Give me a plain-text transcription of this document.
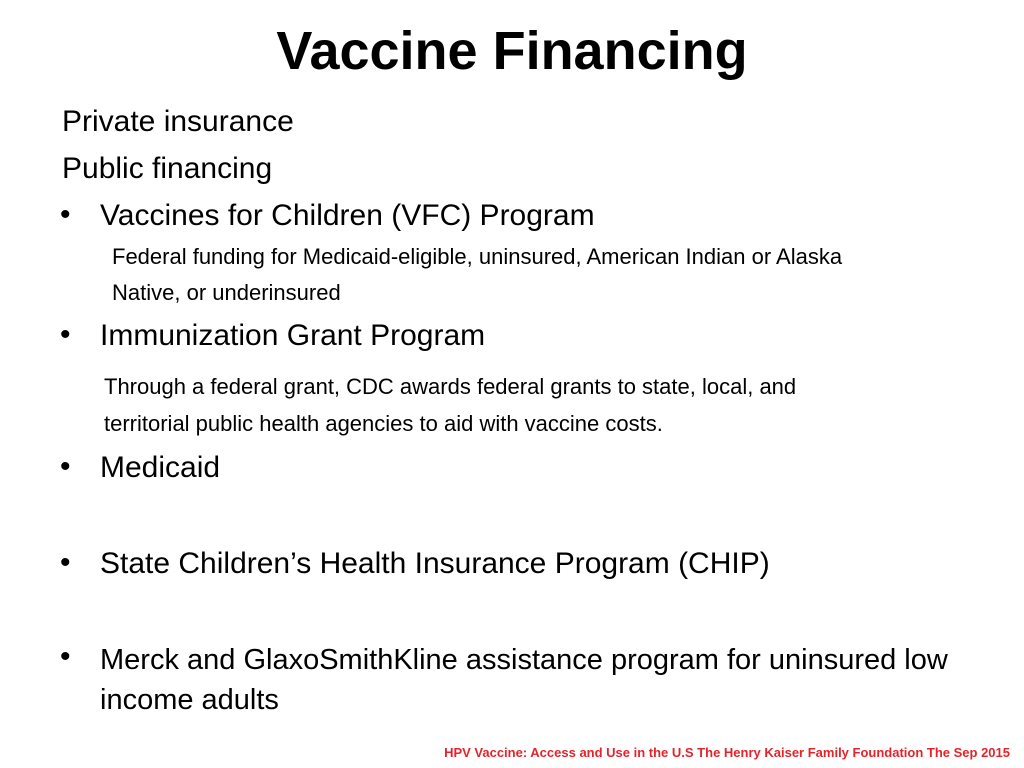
Vaccine Financing
Private insurance
Public financing
• Vaccines for Children (VFC) Program
Federal funding for Medicaid-eligible, uninsured, American Indian or Alaska
Native, or underinsured
• Immunization Grant Program
Through a federal grant, CDC awards federal grants to state, local, and
territorial public health agencies to aid with vaccine costs.
• Medicaid
• State Children’s Health Insurance Program (CHIP)
• Merck and GlaxoSmithKline assistance program for uninsured low income adults
HPV Vaccine: Access and Use in the U.S The Henry Kaiser Family Foundation The Sep 2015
